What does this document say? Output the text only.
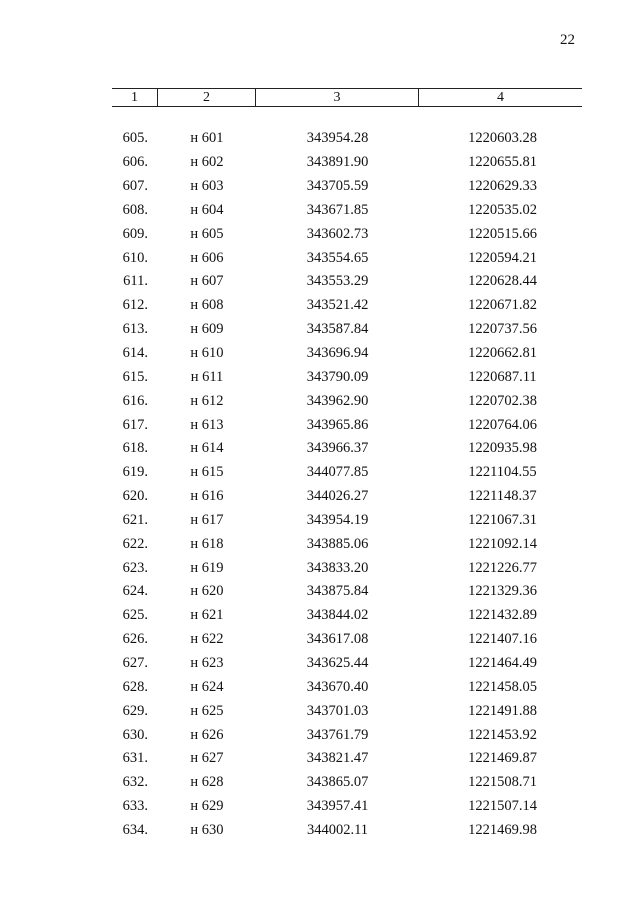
22
1	2	3	4
605.	н 601	343954.28	1220603.28
606.	н 602	343891.90	1220655.81
607.	н 603	343705.59	1220629.33
608.	н 604	343671.85	1220535.02
609.	н 605	343602.73	1220515.66
610.	н 606	343554.65	1220594.21
611.	н 607	343553.29	1220628.44
612.	н 608	343521.42	1220671.82
613.	н 609	343587.84	1220737.56
614.	н 610	343696.94	1220662.81
615.	н 611	343790.09	1220687.11
616.	н 612	343962.90	1220702.38
617.	н 613	343965.86	1220764.06
618.	н 614	343966.37	1220935.98
619.	н 615	344077.85	1221104.55
620.	н 616	344026.27	1221148.37
621.	н 617	343954.19	1221067.31
622.	н 618	343885.06	1221092.14
623.	н 619	343833.20	1221226.77
624.	н 620	343875.84	1221329.36
625.	н 621	343844.02	1221432.89
626.	н 622	343617.08	1221407.16
627.	н 623	343625.44	1221464.49
628.	н 624	343670.40	1221458.05
629.	н 625	343701.03	1221491.88
630.	н 626	343761.79	1221453.92
631.	н 627	343821.47	1221469.87
632.	н 628	343865.07	1221508.71
633.	н 629	343957.41	1221507.14
634.	н 630	344002.11	1221469.98
